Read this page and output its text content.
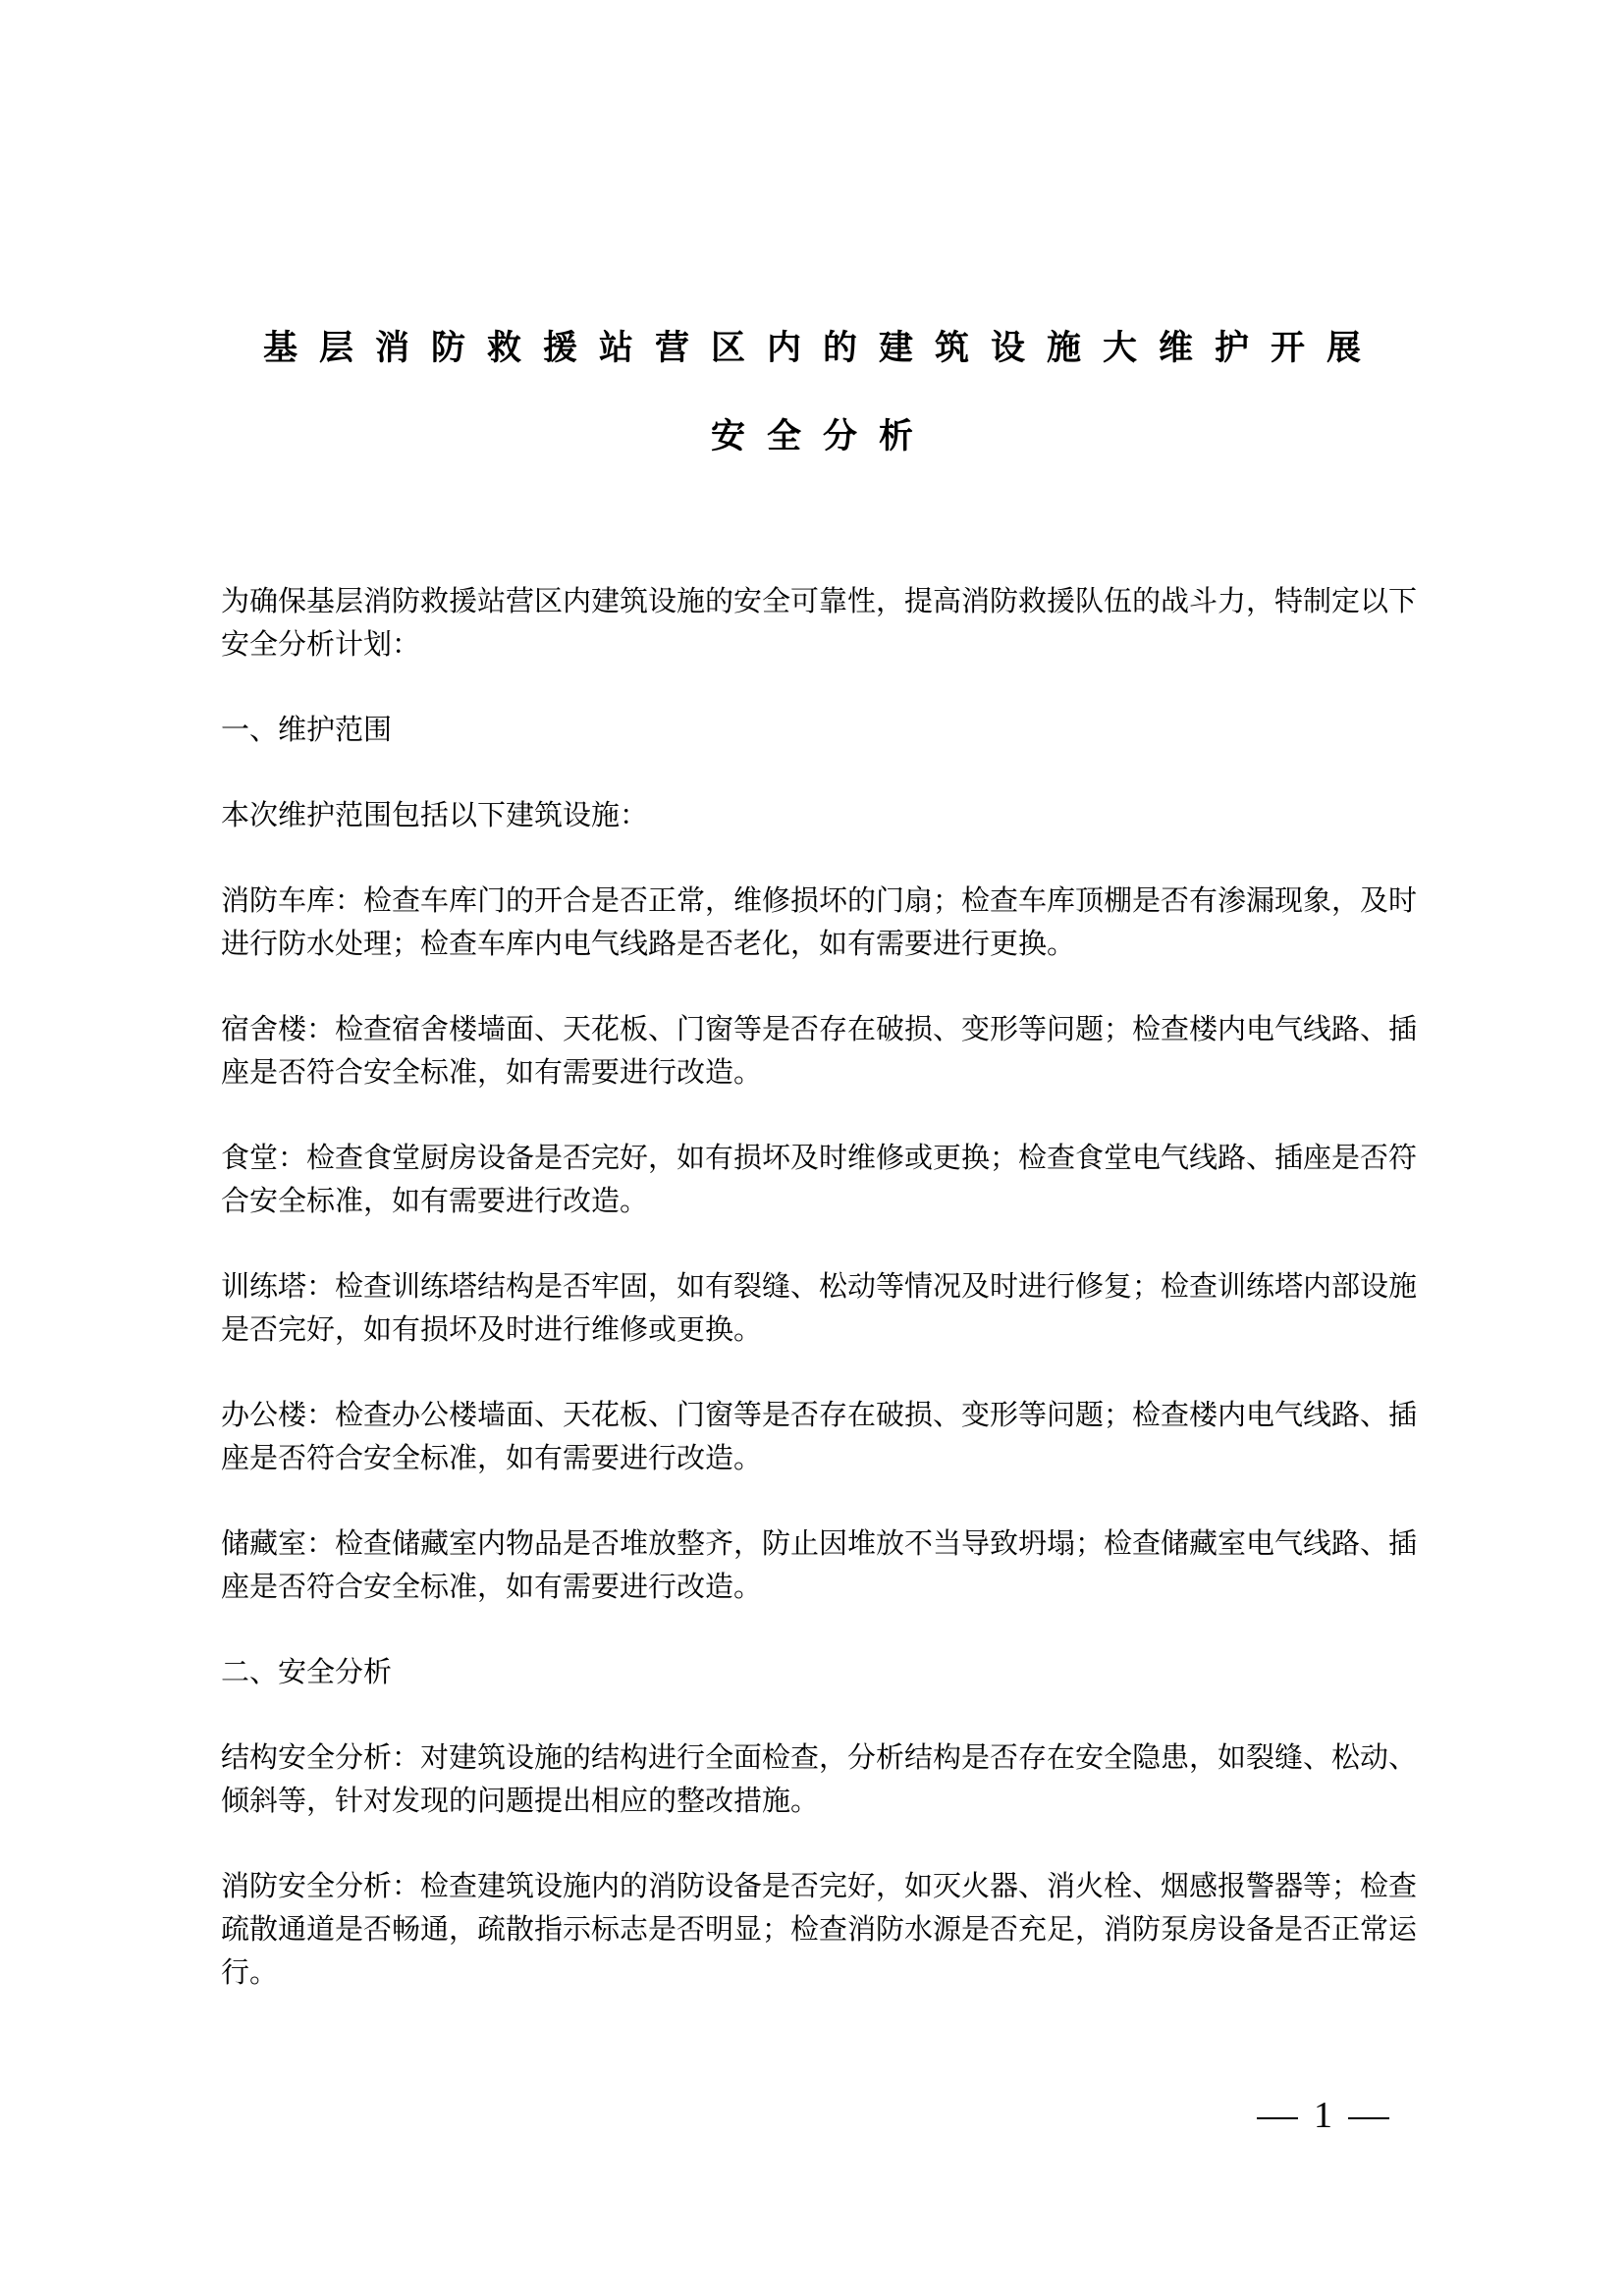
基层消防救援站营区内的建筑设施大维护开展
安全分析

为确保基层消防救援站营区内建筑设施的安全可靠性，提高消防救援队伍的战斗力，特制定以下安全分析计划：

一、维护范围

本次维护范围包括以下建筑设施：

消防车库：检查车库门的开合是否正常，维修损坏的门扇；检查车库顶棚是否有渗漏现象，及时进行防水处理；检查车库内电气线路是否老化，如有需要进行更换。

宿舍楼：检查宿舍楼墙面、天花板、门窗等是否存在破损、变形等问题；检查楼内电气线路、插座是否符合安全标准，如有需要进行改造。

食堂：检查食堂厨房设备是否完好，如有损坏及时维修或更换；检查食堂电气线路、插座是否符合安全标准，如有需要进行改造。

训练塔：检查训练塔结构是否牢固，如有裂缝、松动等情况及时进行修复；检查训练塔内部设施是否完好，如有损坏及时进行维修或更换。

办公楼：检查办公楼墙面、天花板、门窗等是否存在破损、变形等问题；检查楼内电气线路、插座是否符合安全标准，如有需要进行改造。

储藏室：检查储藏室内物品是否堆放整齐，防止因堆放不当导致坍塌；检查储藏室电气线路、插座是否符合安全标准，如有需要进行改造。

二、安全分析

结构安全分析：对建筑设施的结构进行全面检查，分析结构是否存在安全隐患，如裂缝、松动、倾斜等，针对发现的问题提出相应的整改措施。

消防安全分析：检查建筑设施内的消防设备是否完好，如灭火器、消火栓、烟感报警器等；检查疏散通道是否畅通，疏散指示标志是否明显；检查消防水源是否充足，消防泵房设备是否正常运行。

1
